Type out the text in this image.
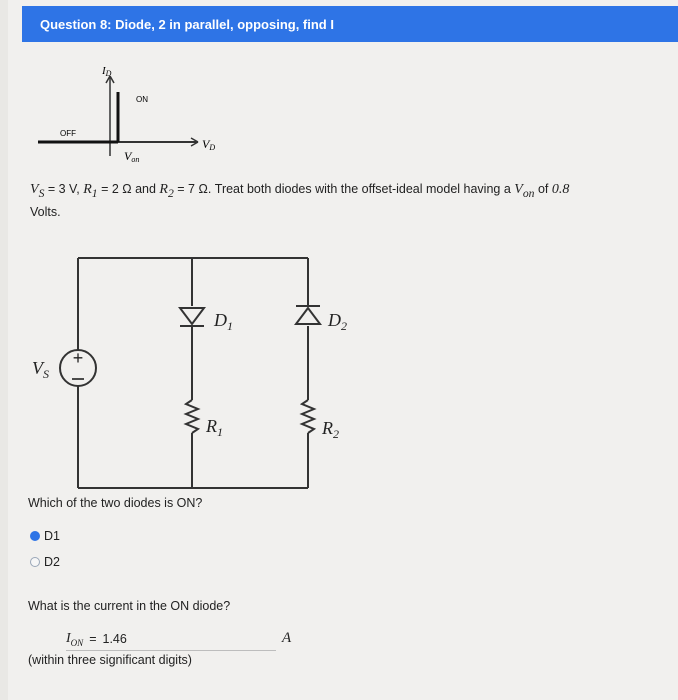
Question 8: Diode, 2 in parallel, opposing, find I
ID
ON
OFF
VD
Von
$V_S = 3$ V, $R_1 = 2$ Ω and $R_2 = 7$ Ω. Treat both diodes with the offset-ideal model having a $V_{on}$ of 0.8
Volts.
+
$V_S$
$D_1$	$D_2$
$R_1$	$R_2$
Which of the two diodes is ON?
D1
D2
What is the current in the ON diode?
$I_{ON} = 1.46$	A
(within three significant digits)
